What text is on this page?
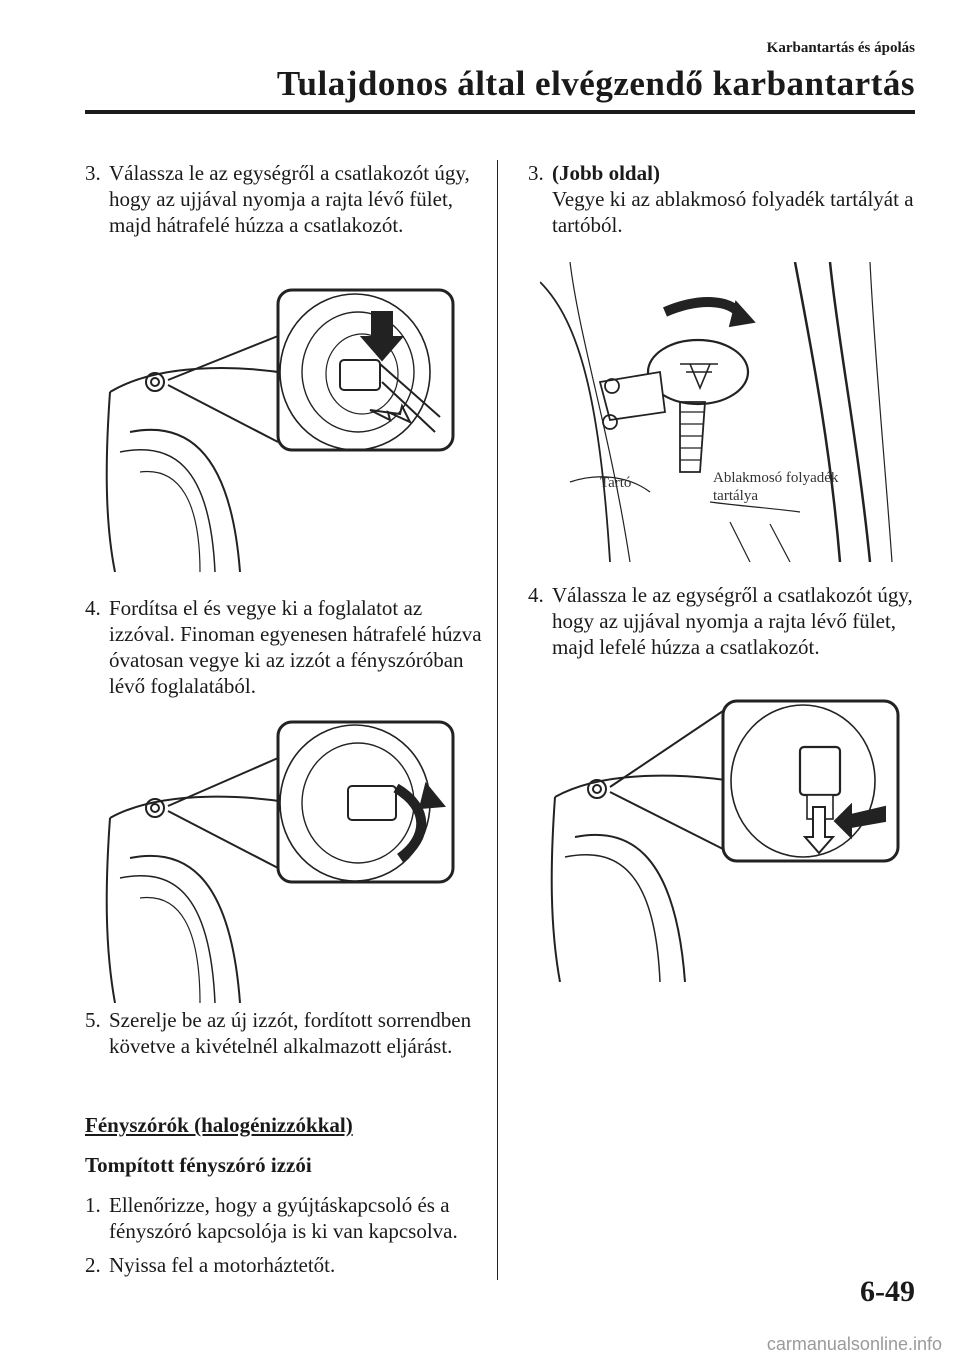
Karbantartás és ápolás
Tulajdonos által elvégzendő karbantartás
3. Válassza le az egységről a csatlakozót úgy, hogy az ujjával nyomja a rajta lévő fület, majd hátrafelé húzza a csatlakozót.
4. Fordítsa el és vegye ki a foglalatot az izzóval. Finoman egyenesen hátrafelé húzva óvatosan vegye ki az izzót a fényszóróban lévő foglalatából.
5. Szerelje be az új izzót, fordított sorrendben követve a kivételnél alkalmazott eljárást.
Fényszórók (halogénizzókkal)
Tompított fényszóró izzói
1. Ellenőrizze, hogy a gyújtáskapcsoló és a fényszóró kapcsolója is ki van kapcsolva.
2. Nyissa fel a motorháztetőt.
3. (Jobb oldal)
Vegye ki az ablakmosó folyadék tartályát a tartóból.
Tartó	Ablakmosó folyadék
tartálya
4. Válassza le az egységről a csatlakozót úgy, hogy az ujjával nyomja a rajta lévő fület, majd lefelé húzza a csatlakozót.
6-49
carmanualsonline.info
